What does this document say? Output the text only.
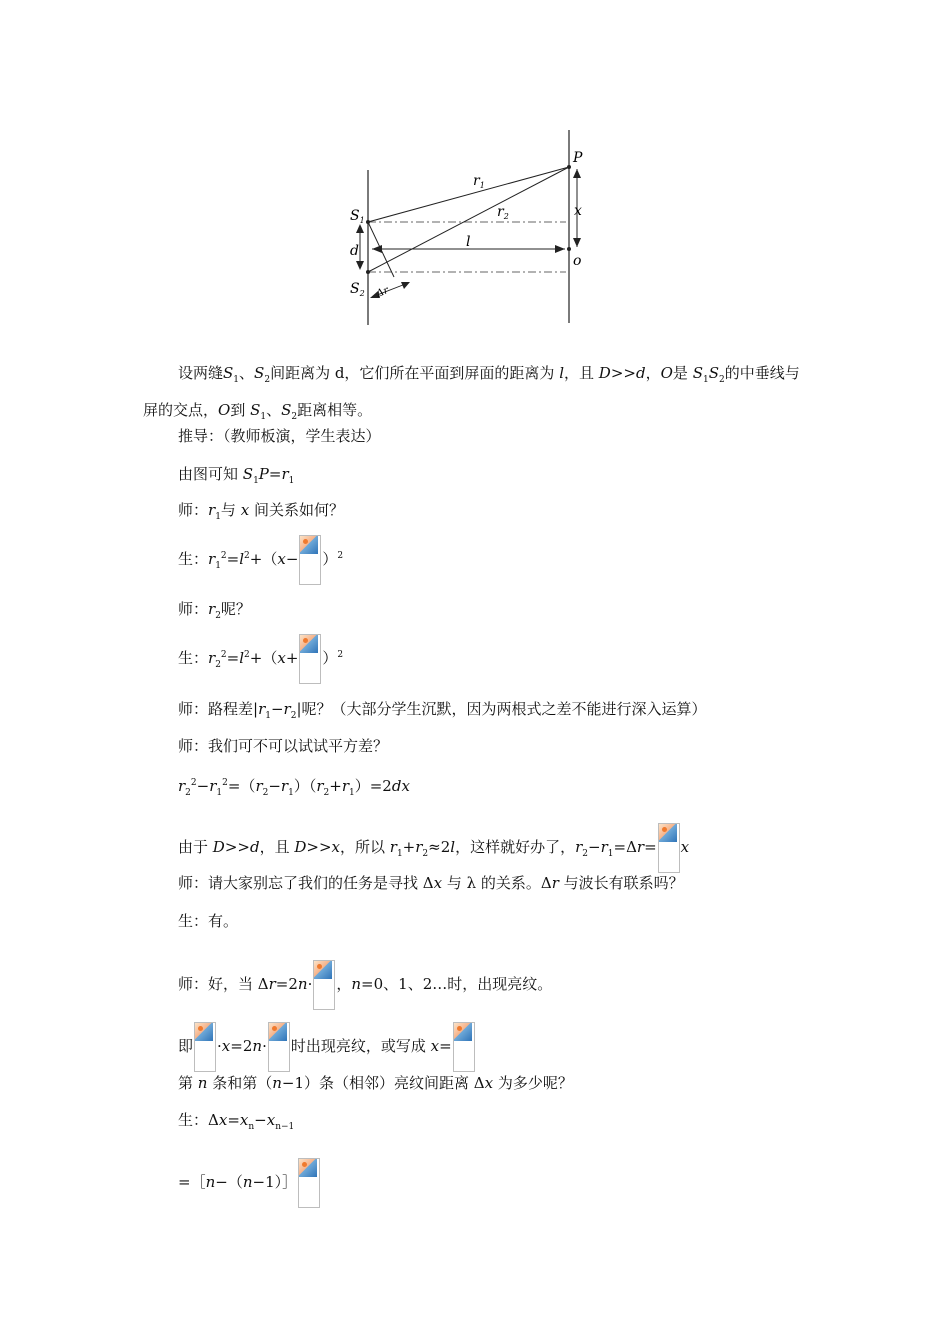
P
$r_1$
$r_2$	x
$S_1$
d
l
o
$S_2$ Δr
设两缝$S_1$、$S_2$间距离为 d，它们所在平面到屏面的距离为 l，且 D>>d，O是 $S_1S_2$的中垂线与屏的交点，O到 $S_1$、$S_2$距离相等。
推导：（教师板演，学生表达）
由图可知 $S_1P=r_1$
师：$r_1$与 x 间关系如何？
生：$r_1^2=l^2+(x- )^2$
师：$r_2$呢？
生：$r_2^2=l^2+(x+ )^2$
师：路程差$|r_1-r_2|$呢？（大部分学生沉默，因为两根式之差不能进行深入运算）
师：我们可不可以试试平方差？
$r_2^2-r_1^2=(r_2-r_1)(r_2+r_1)=2dx$
由于 D>>d，且 D>>x，所以 $r_1+r_2\approx 2l$，这样就好办了，$r_2-r_1=\Delta r= x$
师：请大家别忘了我们的任务是寻找 Δx 与 λ 的关系。Δr 与波长有联系吗？
生：有。
师：好，当 Δr=2n· ，n=0、1、2…时，出现亮纹。
即 ·x=2n· 时出现亮纹，或写成 x=
第 n 条和第（n−1）条（相邻）亮纹间距离 Δx 为多少呢？
生：$\Delta x=x_n-x_{n-1}$
=［n−（n−1）］
